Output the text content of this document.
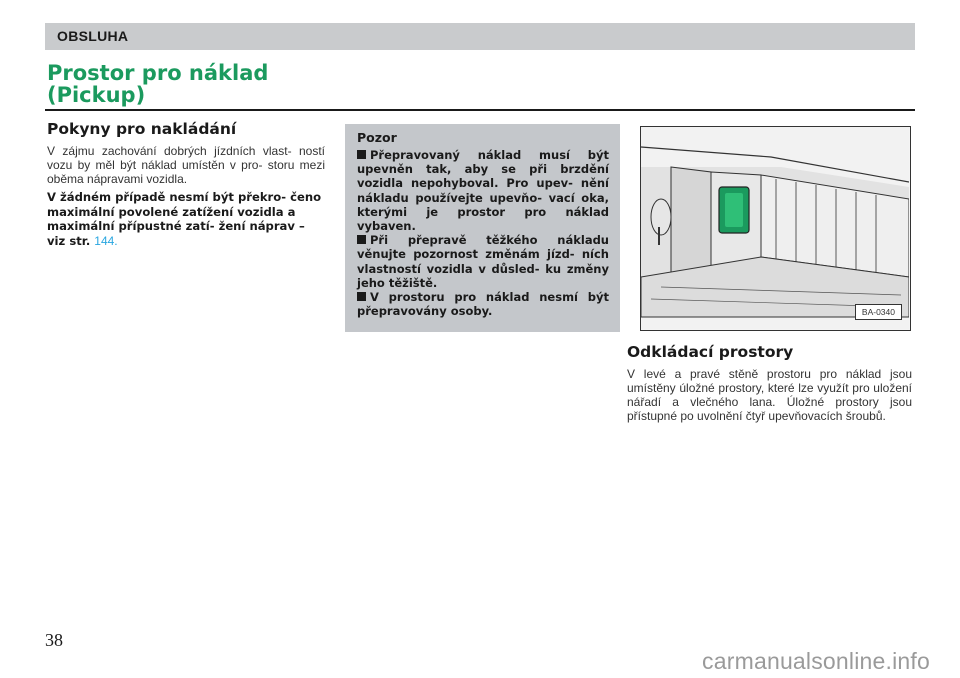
OBSLUHA
Prostor pro náklad
(Pickup)
Pokyny pro nakládání

V zájmu zachování dobrých jízdních vlast- ností vozu by měl být náklad umístěn v pro- storu mezi oběma nápravami vozidla.

V žádném případě nesmí být překro- čeno maximální povolené zatížení vozidla a maximální přípustné zatí- žení náprav – viz str. 144.

Pozor

Přepravovaný náklad musí být upevněn tak, aby se při brzdění vozidla nepohyboval. Pro upev- nění nákladu používejte upevňo- vací oka, kterými je prostor pro náklad vybaven.

Při přepravě těžkého nákladu věnujte pozornost změnám jízd- ních vlastností vozidla v důsled- ku změny jeho těžiště.

V prostoru pro náklad nesmí být přepravovány osoby.	BA-0340
Odkládací prostory

V levé a pravé stěně prostoru pro náklad jsou umístěny úložné prostory, které lze využít pro uložení nářadí a vlečného lana. Úložné prostory jsou přístupné po uvolnění čtyř upevňovacích šroubů.

38
carmanualsonline.info
